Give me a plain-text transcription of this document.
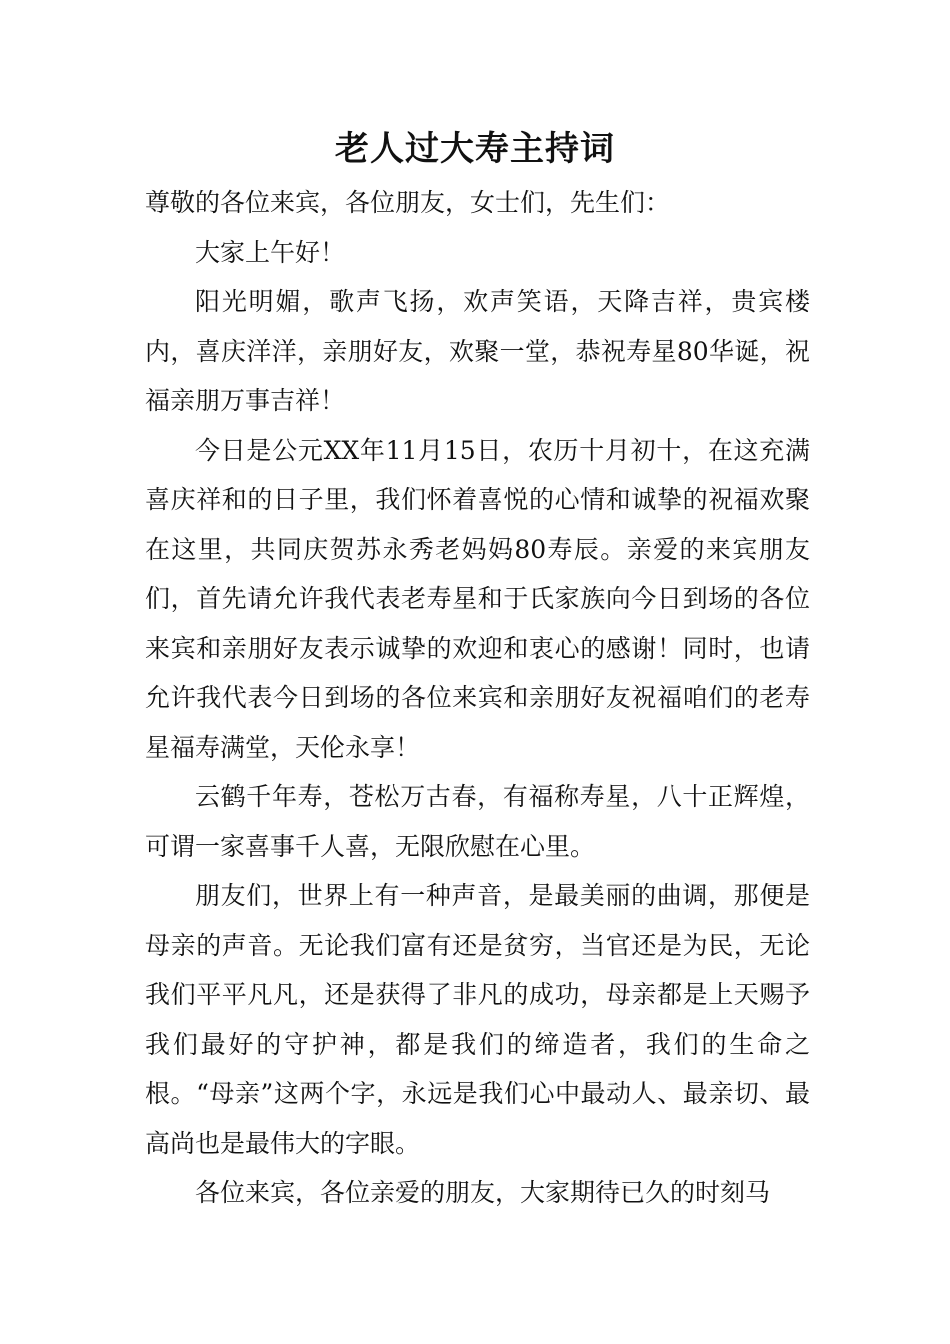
老人过大寿主持词

尊敬的各位来宾，各位朋友，女士们，先生们：

大家上午好！

阳光明媚，歌声飞扬，欢声笑语，天降吉祥，贵宾楼内，喜庆洋洋，亲朋好友，欢聚一堂，恭祝寿星80华诞，祝福亲朋万事吉祥！

今日是公元XX年11月15日，农历十月初十，在这充满喜庆祥和的日子里，我们怀着喜悦的心情和诚挚的祝福欢聚在这里，共同庆贺苏永秀老妈妈80寿辰。亲爱的来宾朋友们，首先请允许我代表老寿星和于氏家族向今日到场的各位来宾和亲朋好友表示诚挚的欢迎和衷心的感谢！同时，也请允许我代表今日到场的各位来宾和亲朋好友祝福咱们的老寿星福寿满堂，天伦永享！

云鹤千年寿，苍松万古春，有福称寿星，八十正辉煌，可谓一家喜事千人喜，无限欣慰在心里。

朋友们，世界上有一种声音，是最美丽的曲调，那便是母亲的声音。无论我们富有还是贫穷，当官还是为民，无论我们平平凡凡，还是获得了非凡的成功，母亲都是上天赐予我们最好的守护神，都是我们的缔造者，我们的生命之根。“母亲”这两个字，永远是我们心中最动人、最亲切、最高尚也是最伟大的字眼。

各位来宾，各位亲爱的朋友，大家期待已久的时刻马
